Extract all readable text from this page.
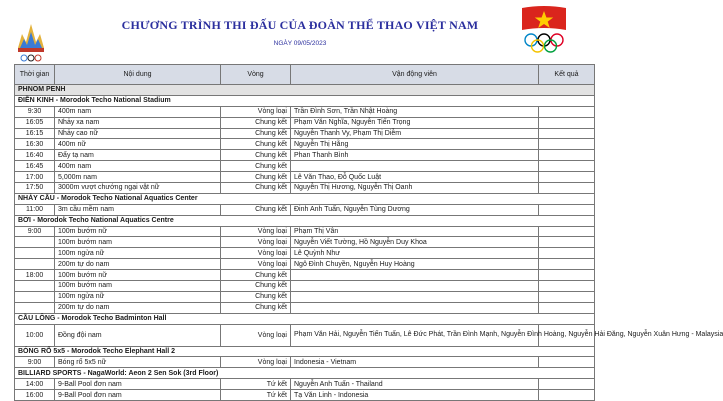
CHƯƠNG TRÌNH THI ĐẤU CỦA ĐOÀN THỂ THAO VIỆT NAM
NGÀY 09/05/2023
Thời gian	Nội dung	Vòng	Vận động viên	Kết quả
PHNOM PENH				
ĐIỀN KINH - Morodok Techo National Stadium				
9:30	400m nam	Vòng loại	Trần Đình Sơn, Trần Nhật Hoàng	
16:05	Nhảy xa nam	Chung kết	Phạm Văn Nghĩa, Nguyễn Tiến Trọng	
16:15	Nhảy cao nữ	Chung kết	Nguyễn Thanh Vy, Phạm Thị Diễm	
16:30	400m nữ	Chung kết	Nguyễn Thị Hằng	
16:40	Đẩy tạ nam	Chung kết	Phan Thanh Bình	
16:45	400m nam	Chung kết		
17:00	5,000m nam	Chung kết	Lê Văn Thao, Đỗ Quốc Luật	
17:50	3000m vượt chướng ngại vật nữ	Chung kết	Nguyễn Thị Hương, Nguyễn Thị Oanh	
NHẢY CẦU - Morodok Techo National Aquatics Center				
11:00	3m cầu mềm nam	Chung kết	Đinh Anh Tuấn, Nguyễn Tùng Dương	
BƠI - Morodok Techo National Aquatics Centre				
9:00	100m bướm nữ	Vòng loại	Phạm Thị Vân	
	100m bướm nam	Vòng loại	Nguyễn Viết Tường, Hồ Nguyễn Duy Khoa	
	100m ngửa nữ	Vòng loại	Lê Quỳnh Như	
	200m tự do nam	Vòng loại	Ngô Đình Chuyền, Nguyễn Huy Hoàng	
18:00	100m bướm nữ	Chung kết		
	100m bướm nam	Chung kết		
	100m ngửa nữ	Chung kết		
	200m tự do nam	Chung kết		
CẦU LÔNG - Morodok Techo Badminton Hall				
10:00	Đồng đội nam	Vòng loại	Phạm Văn Hải, Nguyễn Tiến Tuấn, Lê Đức Phát, Trần Đình Mạnh, Nguyễn Đình Hoàng, Nguyễn Hải Đăng, Nguyễn Xuân Hưng - Malaysia	
BÓNG RỔ 5x5 - Morodok Techo Elephant Hall 2				
9:00	Bóng rổ 5x5 nữ	Vòng loại	Indonesia - Vietnam	
BILLIARD SPORTS - NagaWorld: Aeon 2 Sen Sok (3rd Floor)				
14:00	9-Ball Pool đơn nam	Tứ kết	Nguyễn Anh Tuấn - Thailand	
16:00	9-Ball Pool đơn nam	Tứ kết	Tạ Văn Linh - Indonesia	
